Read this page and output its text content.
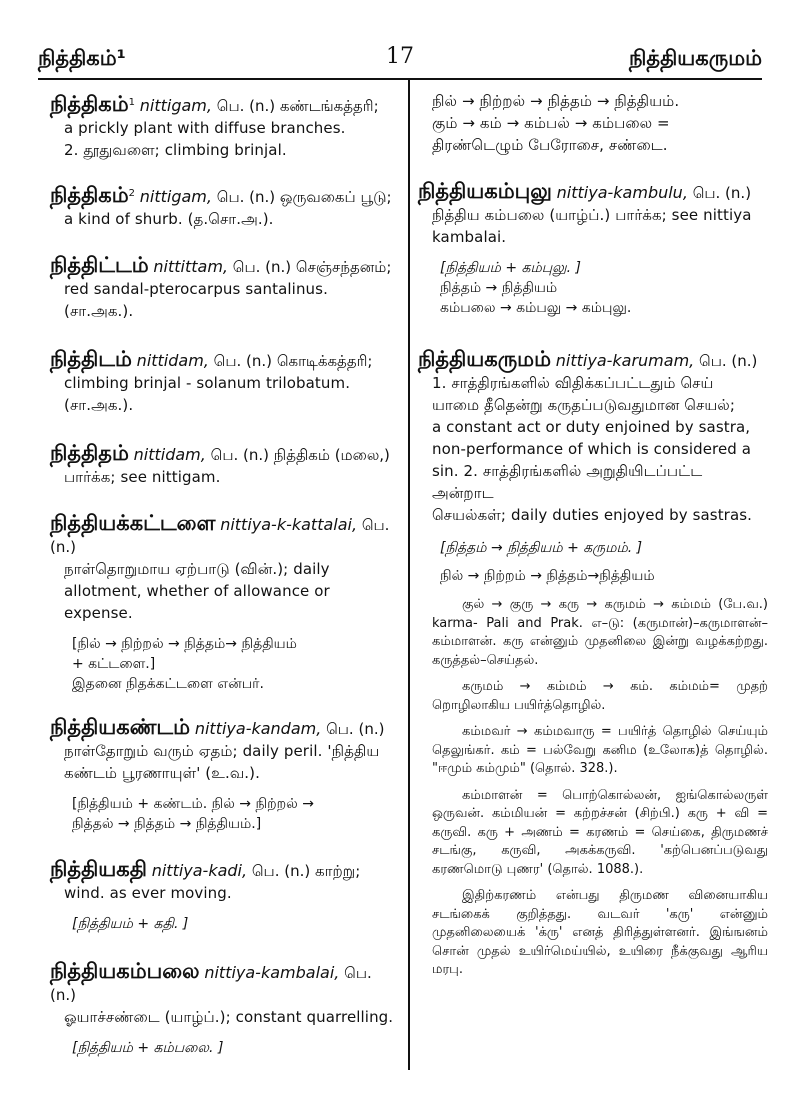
நித்திகம்¹	17	நித்தியகருமம்
நித்திகம்$^1$ nittigam, பெ. (n.) கண்டங்கத்தரி;
a prickly plant with diffuse branches.
2. தூதுவளை; climbing brinjal.
நித்திகம்$^2$ nittigam, பெ. (n.) ஒருவகைப் பூடு;
a kind of shurb. (த.சொ.அ.).
நித்திட்டம் nittittam, பெ. (n.) செஞ்சந்தனம்;
red sandal-pterocarpus santalinus. (சா.அக.).
நித்திடம் nittidam, பெ. (n.) கொடிக்கத்தரி;
climbing brinjal - solanum trilobatum. (சா.அக.).
நித்திதம் nittidam, பெ. (n.) நித்திகம் (மலை,)
பார்க்க; see nittigam.
நித்தியக்கட்டளை nittiya-k-kattalai, பெ. (n.)
நாள்தொறுமாய ஏற்பாடு (வின்.); daily
allotment, whether of allowance or expense.
[நில் → நிற்றல் → நித்தம்→ நித்தியம்
+ கட்டளை.]
இதனை நிதக்கட்டளை என்பர்.
நித்தியகண்டம் nittiya-kandam, பெ. (n.)
நாள்தோறும் வரும் ஏதம்; daily peril. 'நித்திய
கண்டம் பூரணாயுள்' (உ.வ.).
[நித்தியம் + கண்டம். நில் → நிற்றல் →
நித்தல் → நித்தம் → நித்தியம்.]
நித்தியகதி nittiya-kadi, பெ. (n.) காற்று;
wind. as ever moving.
[நித்தியம் + கதி. ]
நித்தியகம்பலை nittiya-kambalai, பெ. (n.)
ஓயாச்சண்டை (யாழ்ப்.); constant quarrelling.
[நித்தியம் + கம்பலை. ]
நில் → நிற்றல் → நித்தம் → நித்தியம்.
கும் → கம் → கம்பல் → கம்பலை =
திரண்டெழும் பேரோசை, சண்டை.
நித்தியகம்புலு nittiya-kambulu, பெ. (n.)
நித்திய கம்பலை (யாழ்ப்.) பார்க்க; see nittiya
kambalai.
[நித்தியம் + கம்புலு. ]
நித்தம் → நித்தியம்
கம்பலை → கம்பலு → கம்புலு.
நித்தியகருமம் nittiya-karumam, பெ. (n.)
1. சாத்திரங்களில் விதிக்கப்பட்டதும் செய்
யாமை தீதென்று கருதப்படுவதுமான செயல்;
a constant act or duty enjoined by sastra,
non-performance of which is considered a
sin. 2. சாத்திரங்களில் அறுதியிடப்பட்ட அன்றாட
செயல்கள்; daily duties enjoyed by sastras.
[நித்தம் → நித்தியம் + கருமம். ]
நில் → நிற்றம் → நித்தம்→நித்தியம்

குல் → குரு → கரு → கருமம் → கம்மம் (பே.வ.) karma- Pali and Prak. எ–டு: (கருமான்)–கருமாளன்– கம்மாளன். கரு என்னும் முதனிலை இன்று வழக்கற்றது. கருத்தல்–செய்தல்.

கருமம் → கம்மம் → கம். கம்மம்= முதற் றொழிலாகிய பயிர்த்தொழில்.

கம்மவர் → கம்மவாரு = பயிர்த் தொழில் செய்யும் தெலுங்கர். கம் = பல்வேறு கனிம (உலோக)த் தொழில். "ஈமும் கம்மும்" (தொல். 328.).

கம்மாளன் = பொற்கொல்லன், ஐங்கொல்லருள் ஒருவன். கம்மியன் = கற்றச்சன் (சிற்பி.) கரு + வி = கருவி. கரு + அணம் = கரணம் = செய்கை, திருமணச் சடங்கு, கருவி, அகக்கருவி. 'கற்பெனப்படுவது கரணமொடு புணர' (தொல். 1088.).

இதிற்கரணம் என்பது திருமண வினையாகிய சடங்கைக் குறித்தது. வடவர் 'கரு' என்னும் முதனிலையைக் 'க்ரு' எனத் திரித்துள்ளனர். இங்ஙனம் சொன் முதல் உயிர்மெய்யில், உயிரை நீக்குவது ஆரிய மரபு.
